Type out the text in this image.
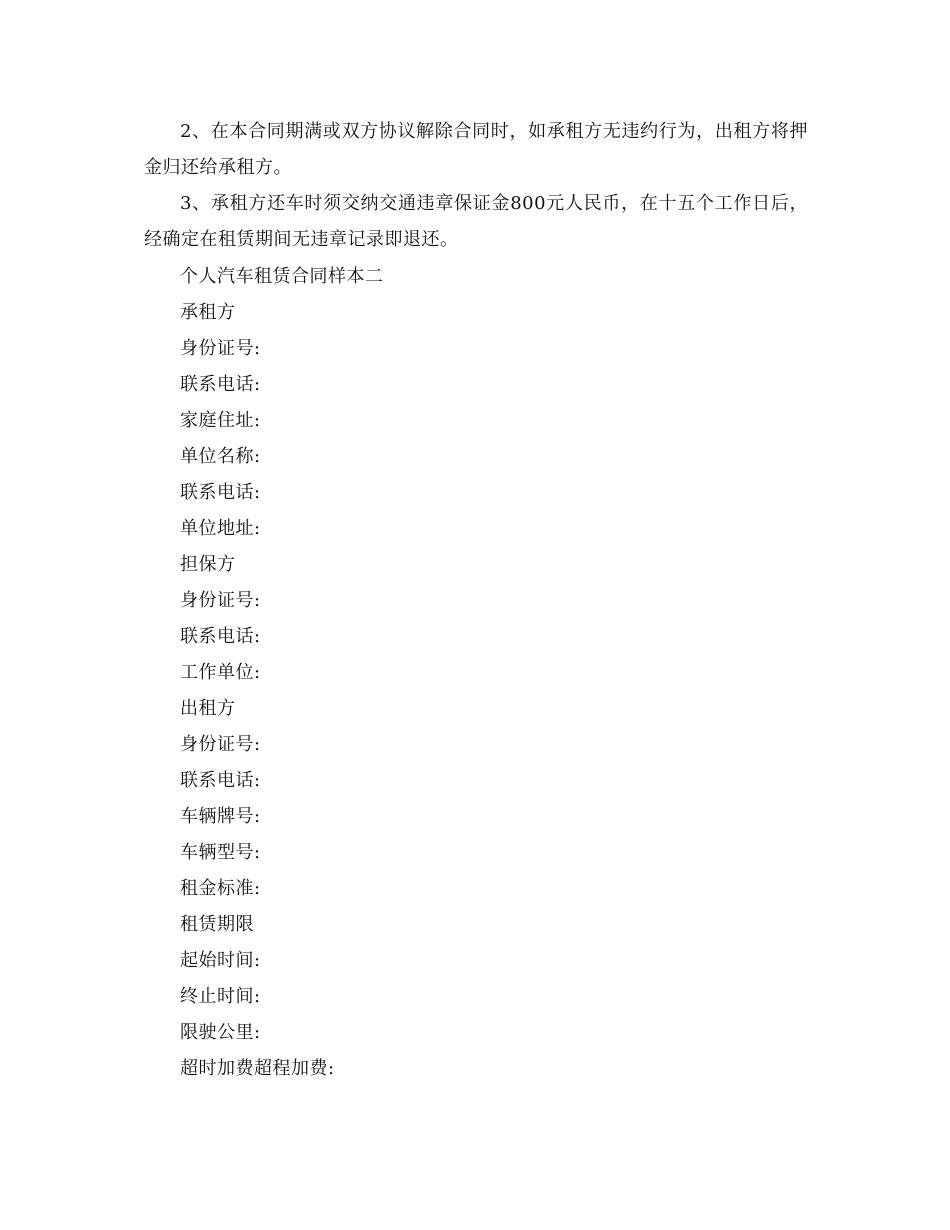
2、在本合同期满或双方协议解除合同时，如承租方无违约行为，出租方将押金归还给承租方。

3、承租方还车时须交纳交通违章保证金800元人民币，在十五个工作日后，经确定在租赁期间无违章记录即退还。

个人汽车租赁合同样本二

承租方

身份证号:

联系电话:

家庭住址:

单位名称:

联系电话:

单位地址:

担保方

身份证号:

联系电话:

工作单位:

出租方

身份证号:

联系电话:

车辆牌号:

车辆型号:

租金标准:

租赁期限

起始时间:

终止时间:

限驶公里:

超时加费超程加费:
